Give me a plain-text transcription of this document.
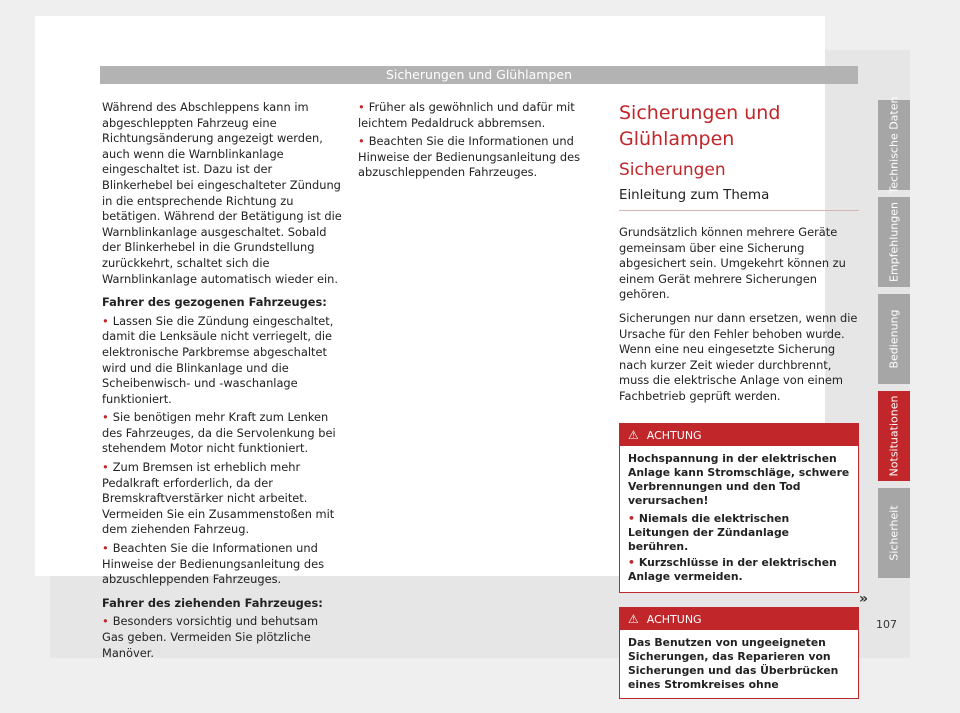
Sicherungen und Glühlampen

Während des Abschleppens kann im abgeschleppten Fahrzeug eine Richtungsänderung angezeigt werden, auch wenn die Warnblinkanlage eingeschaltet ist. Dazu ist der Blinkerhebel bei eingeschalteter Zündung in die entsprechende Richtung zu betätigen. Während der Betätigung ist die Warnblinkanlage ausgeschaltet. Sobald der Blinkerhebel in die Grundstellung zurückkehrt, schaltet sich die Warnblinkanlage automatisch wieder ein.

Fahrer des gezogenen Fahrzeuges:

• Lassen Sie die Zündung eingeschaltet, damit die Lenksäule nicht verriegelt, die elektronische Parkbremse abgeschaltet wird und die Blinkanlage und die Scheibenwisch- und -waschanlage funktioniert.
• Sie benötigen mehr Kraft zum Lenken des Fahrzeuges, da die Servolenkung bei stehendem Motor nicht funktioniert.
• Zum Bremsen ist erheblich mehr Pedalkraft erforderlich, da der Bremskraftverstärker nicht arbeitet. Vermeiden Sie ein Zusammenstoßen mit dem ziehenden Fahrzeug.
• Beachten Sie die Informationen und Hinweise der Bedienungsanleitung des abzuschleppenden Fahrzeuges.

Fahrer des ziehenden Fahrzeuges:

• Besonders vorsichtig und behutsam Gas geben. Vermeiden Sie plötzliche Manöver.
• Früher als gewöhnlich und dafür mit leichtem Pedaldruck abbremsen.
• Beachten Sie die Informationen und Hinweise der Bedienungsanleitung des abzuschleppenden Fahrzeuges.
Sicherungen und Glühlampen
Sicherungen
Einleitung zum Thema

Grundsätzlich können mehrere Geräte gemeinsam über eine Sicherung abgesichert sein. Umgekehrt können zu einem Gerät mehrere Sicherungen gehören.

Sicherungen nur dann ersetzen, wenn die Ursache für den Fehler behoben wurde. Wenn eine neu eingesetzte Sicherung nach kurzer Zeit wieder durchbrennt, muss die elektrische Anlage von einem Fachbetrieb geprüft werden.

⚠ ACHTUNG

Hochspannung in der elektrischen Anlage kann Stromschläge, schwere Verbrennungen und den Tod verursachen!

• Niemals die elektrischen Leitungen der Zündanlage berühren.
• Kurzschlüsse in der elektrischen Anlage vermeiden.
⚠ ACHTUNG

Das Benutzen von ungeeigneten Sicherungen, das Reparieren von Sicherungen und das Überbrücken eines Stromkreises ohne

Technische Daten
Empfehlungen
Bedienung
Notsituationen
Sicherheit
»
107
